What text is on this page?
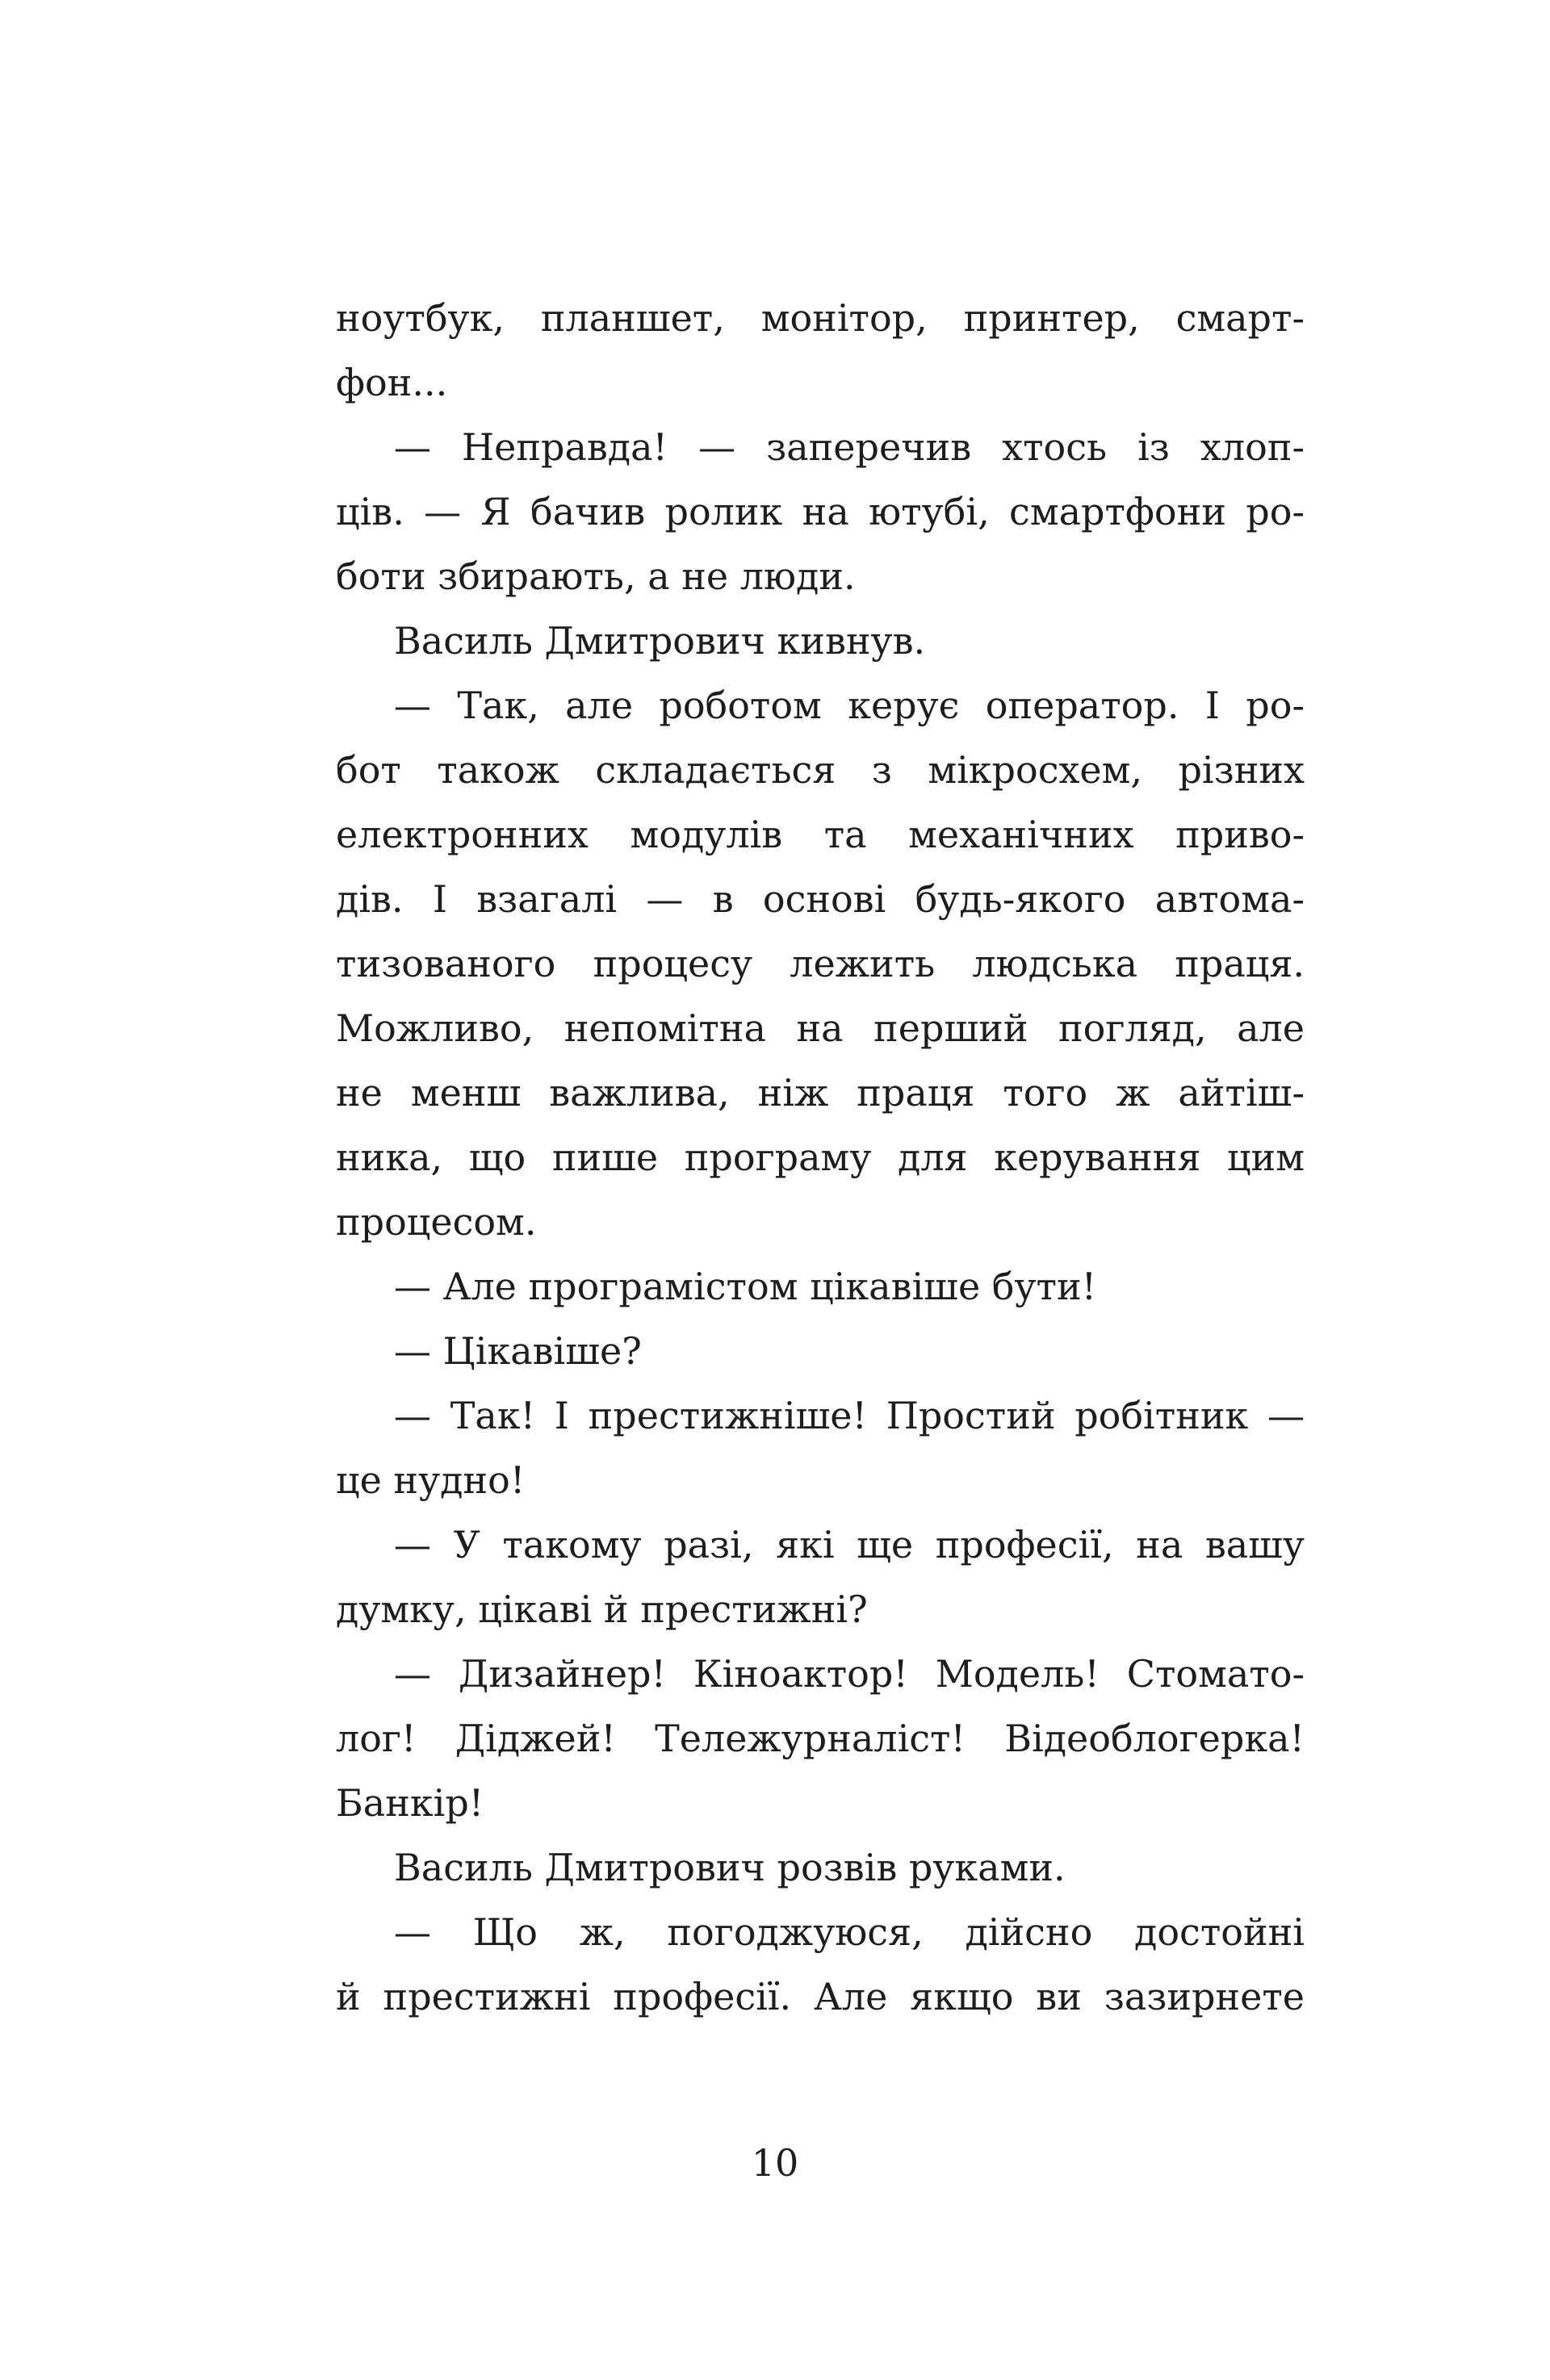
ноутбук, планшет, монітор, принтер, смарт-
фон...
— Неправда! — заперечив хтось із хлоп-
ців. — Я бачив ролик на ютубі, смартфони ро-
боти збирають, а не люди.
Василь Дмитрович кивнув.
— Так, але роботом керує оператор. І ро-
бот також складається з мікросхем, різних
електронних модулів та механічних приво-
дів. І взагалі — в основі будь-якого автома-
тизованого процесу лежить людська праця.
Можливо, непомітна на перший погляд, але
не менш важлива, ніж праця того ж айтіш-
ника, що пише програму для керування цим
процесом.
— Але програмістом цікавіше бути!
— Цікавіше?
— Так! І престижніше! Простий робітник —
це нудно!
— У такому разі, які ще професії, на вашу
думку, цікаві й престижні?
— Дизайнер! Кіноактор! Модель! Стомато-
лог! Діджей! Тележурналіст! Відеоблогерка!
Банкір!
Василь Дмитрович розвів руками.
— Що ж, погоджуюся, дійсно достойні
й престижні професії. Але якщо ви зазирнете
10
